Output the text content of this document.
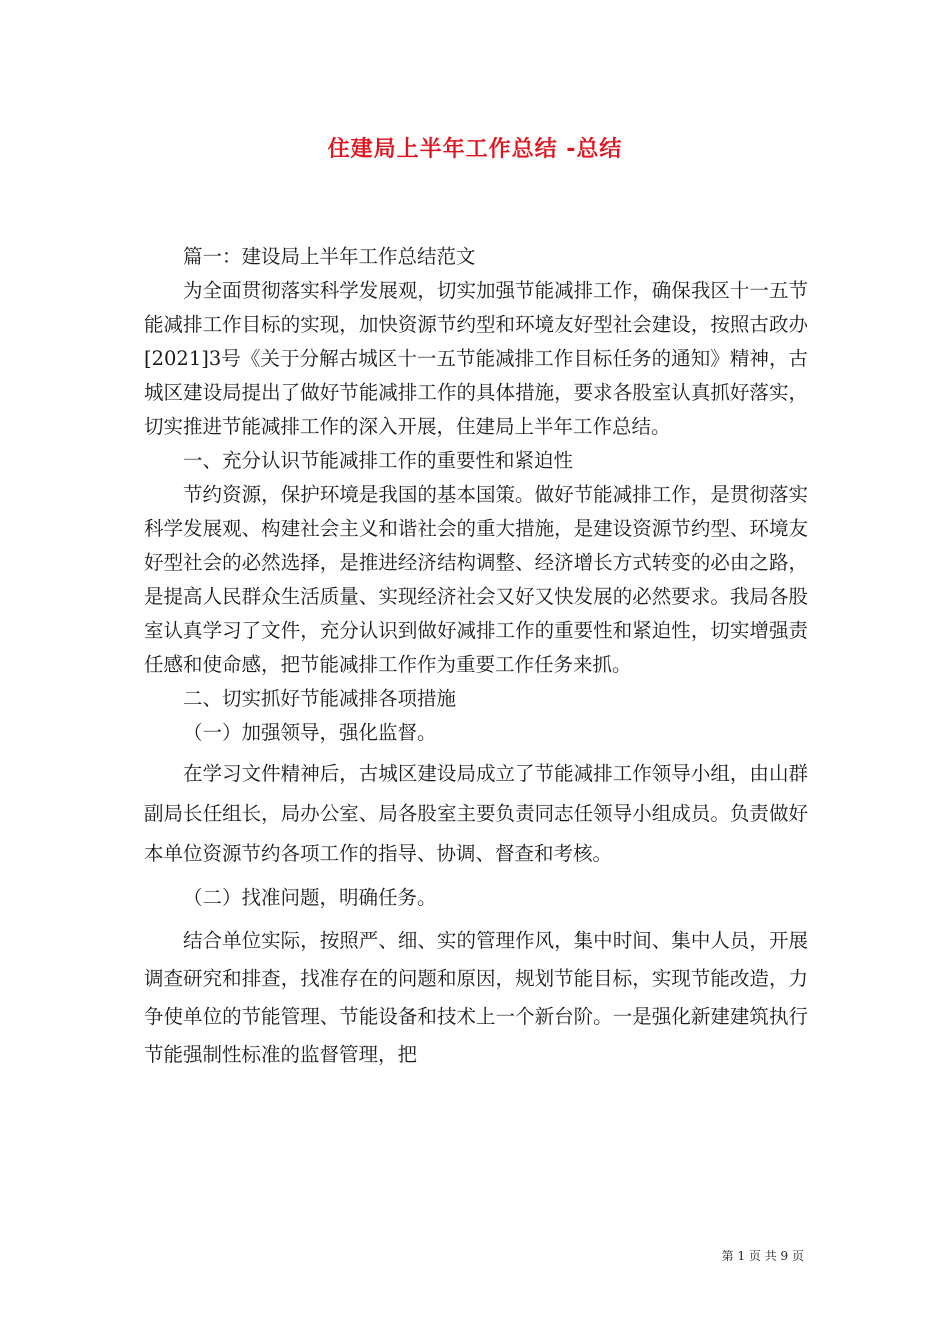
住建局上半年工作总结 -总结

篇一：建设局上半年工作总结范文

为全面贯彻落实科学发展观，切实加强节能减排工作，确保我区十一五节能减排工作目标的实现，加快资源节约型和环境友好型社会建设，按照古政办[2021]3号《关于分解古城区十一五节能减排工作目标任务的通知》精神，古城区建设局提出了做好节能减排工作的具体措施，要求各股室认真抓好落实，切实推进节能减排工作的深入开展，住建局上半年工作总结。

一、充分认识节能减排工作的重要性和紧迫性

节约资源，保护环境是我国的基本国策。做好节能减排工作，是贯彻落实科学发展观、构建社会主义和谐社会的重大措施，是建设资源节约型、环境友好型社会的必然选择，是推进经济结构调整、经济增长方式转变的必由之路，是提高人民群众生活质量、实现经济社会又好又快发展的必然要求。我局各股室认真学习了文件，充分认识到做好减排工作的重要性和紧迫性，切实增强责任感和使命感，把节能减排工作作为重要工作任务来抓。

二、切实抓好节能减排各项措施

（一）加强领导，强化监督。

在学习文件精神后，古城区建设局成立了节能减排工作领导小组，由山群副局长任组长，局办公室、局各股室主要负责同志任领导小组成员。负责做好本单位资源节约各项工作的指导、协调、督查和考核。

（二）找准问题，明确任务。

结合单位实际，按照严、细、实的管理作风，集中时间、集中人员，开展调查研究和排查，找准存在的问题和原因，规划节能目标，实现节能改造，力争使单位的节能管理、节能设备和技术上一个新台阶。一是强化新建建筑执行节能强制性标准的监督管理，把

第 1 页 共 9 页
